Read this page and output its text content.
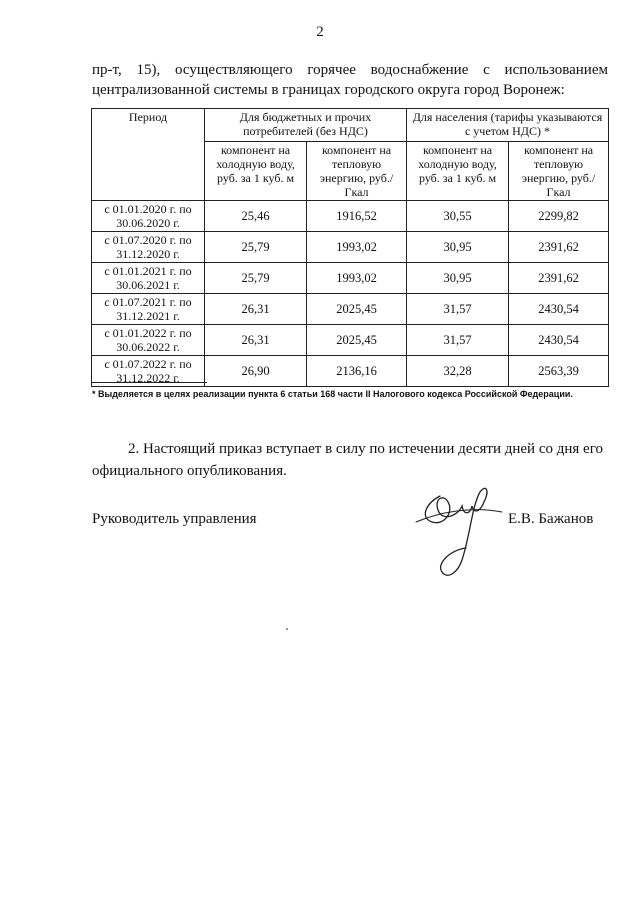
2
пр-т, 15), осуществляющего горячее водоснабжение с использованием
централизованной системы в границах городского округа город Воронеж:
Период	Для бюджетных и прочих потребителей (без НДС)		Для населения (тарифы указываются с учетом НДС) *	
	компонент на холодную воду, руб. за 1 куб. м	компонент на тепловую энергию, руб./Гкал	компонент на холодную воду, руб. за 1 куб. м	компонент на тепловую энергию, руб./Гкал
с 01.01.2020 г. по 30.06.2020 г.	25,46	1916,52	30,55	2299,82
с 01.07.2020 г. по 31.12.2020 г.	25,79	1993,02	30,95	2391,62
с 01.01.2021 г. по 30.06.2021 г.	25,79	1993,02	30,95	2391,62
с 01.07.2021 г. по 31.12.2021 г.	26,31	2025,45	31,57	2430,54
с 01.01.2022 г. по 30.06.2022 г.	26,31	2025,45	31,57	2430,54
с 01.07.2022 г. по 31.12.2022 г.	26,90	2136,16	32,28	2563,39
* Выделяется в целях реализации пункта 6 статьи 168 части II Налогового кодекса Российской Федерации.
2. Настоящий приказ вступает в силу по истечении десяти дней со дня его официального опубликования.
Руководитель управления	Е.В. Бажанов
